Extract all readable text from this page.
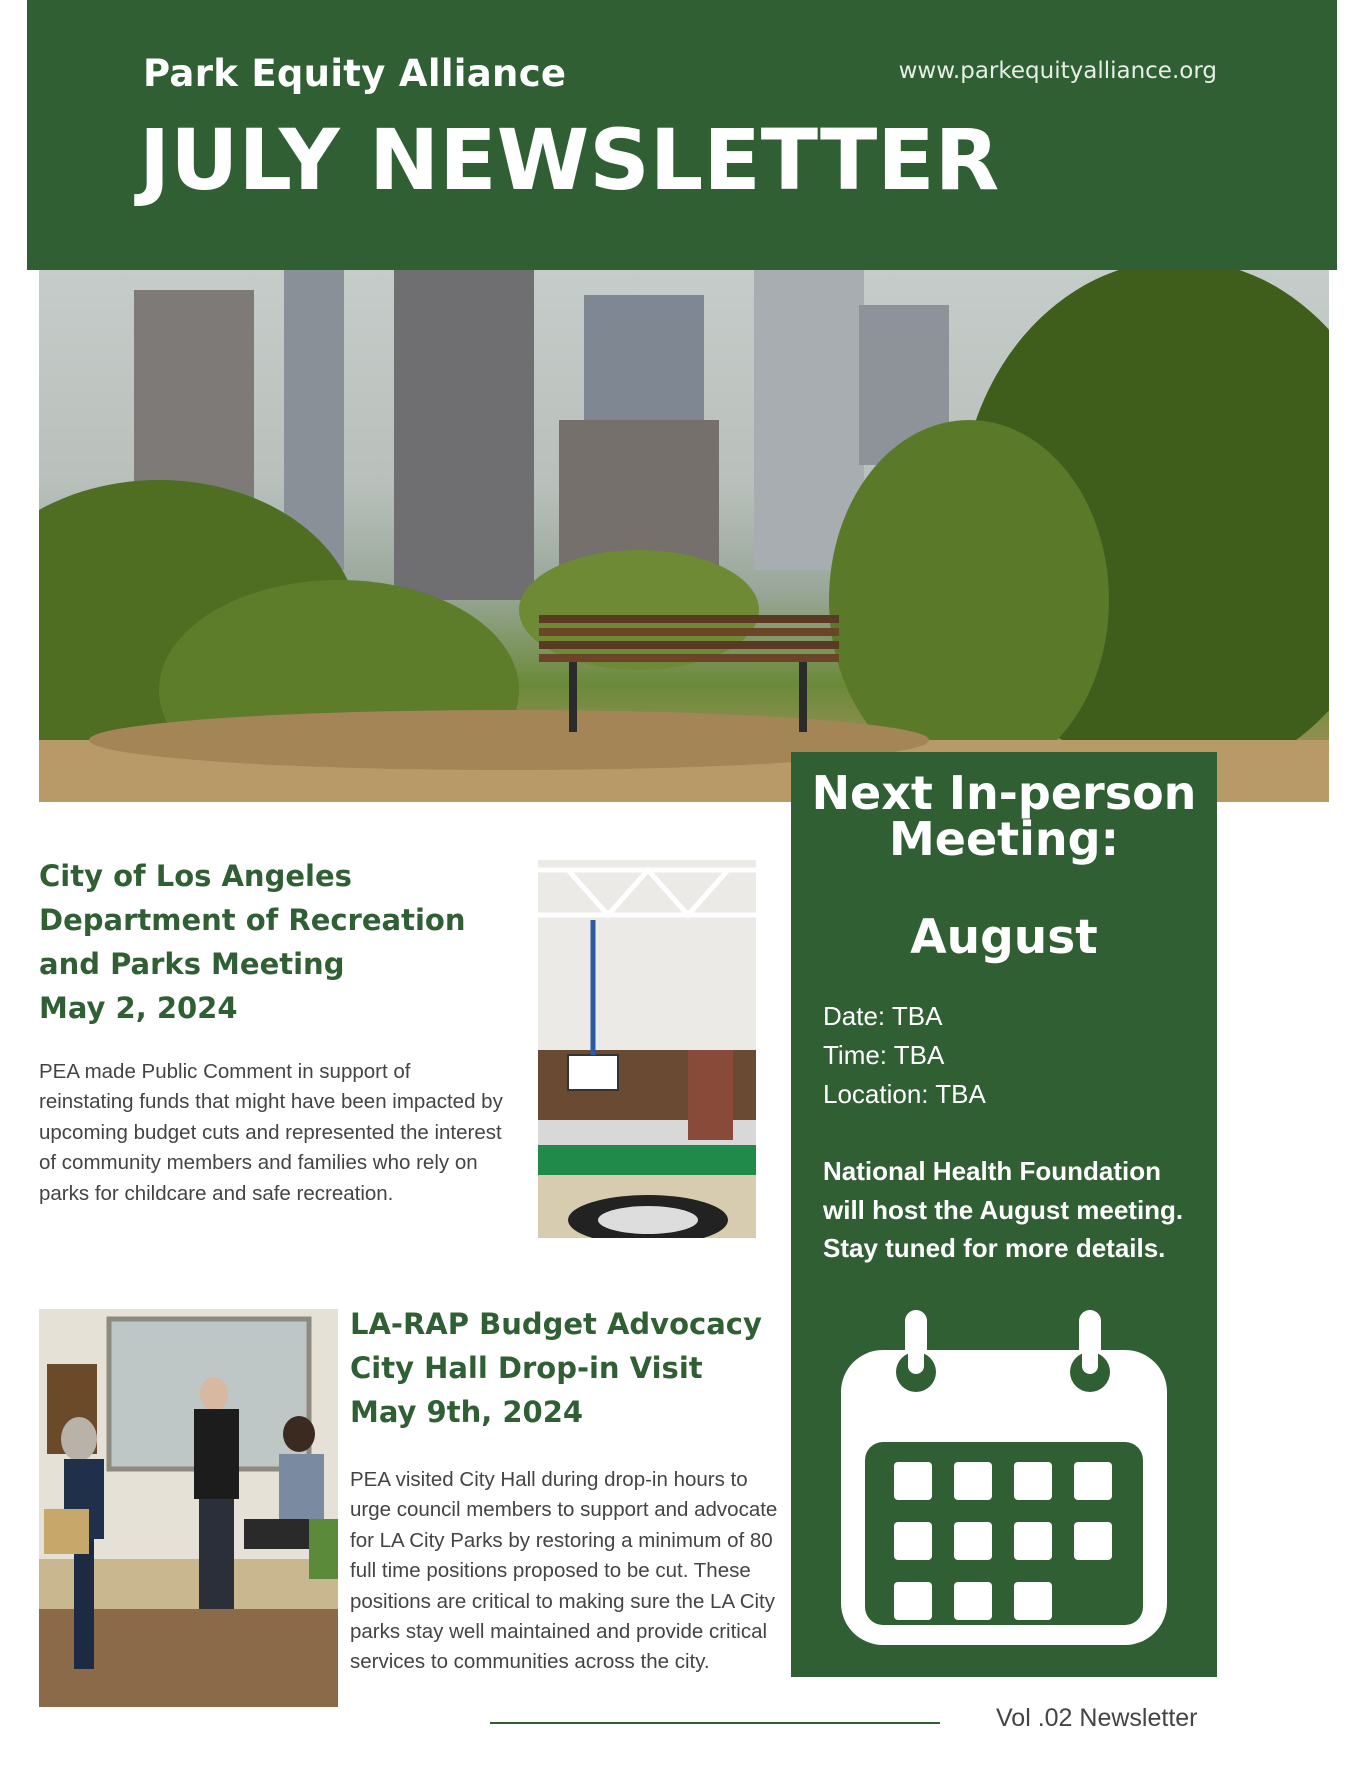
Park Equity Alliance	www.parkequityalliance.org
JULY NEWSLETTER
City of Los Angeles
Department of Recreation
and Parks Meeting
May 2, 2024
PEA made Public Comment in support of reinstating funds that might have been impacted by upcoming budget cuts and represented the interest of community members and families who rely on parks for childcare and safe recreation.
LA-RAP Budget Advocacy
City Hall Drop-in Visit
May 9th, 2024
PEA visited City Hall during drop-in hours to urge council members to support and advocate for LA City Parks by restoring a minimum of 80 full time positions proposed to be cut. These positions are critical to making sure the LA City parks stay well maintained and provide critical services to communities across the city.
Next In-person
Meeting:
August
Date: TBA
Time: TBA
Location: TBA
National Health Foundation will host the August meeting. Stay tuned for more details.
Vol .02 Newsletter
